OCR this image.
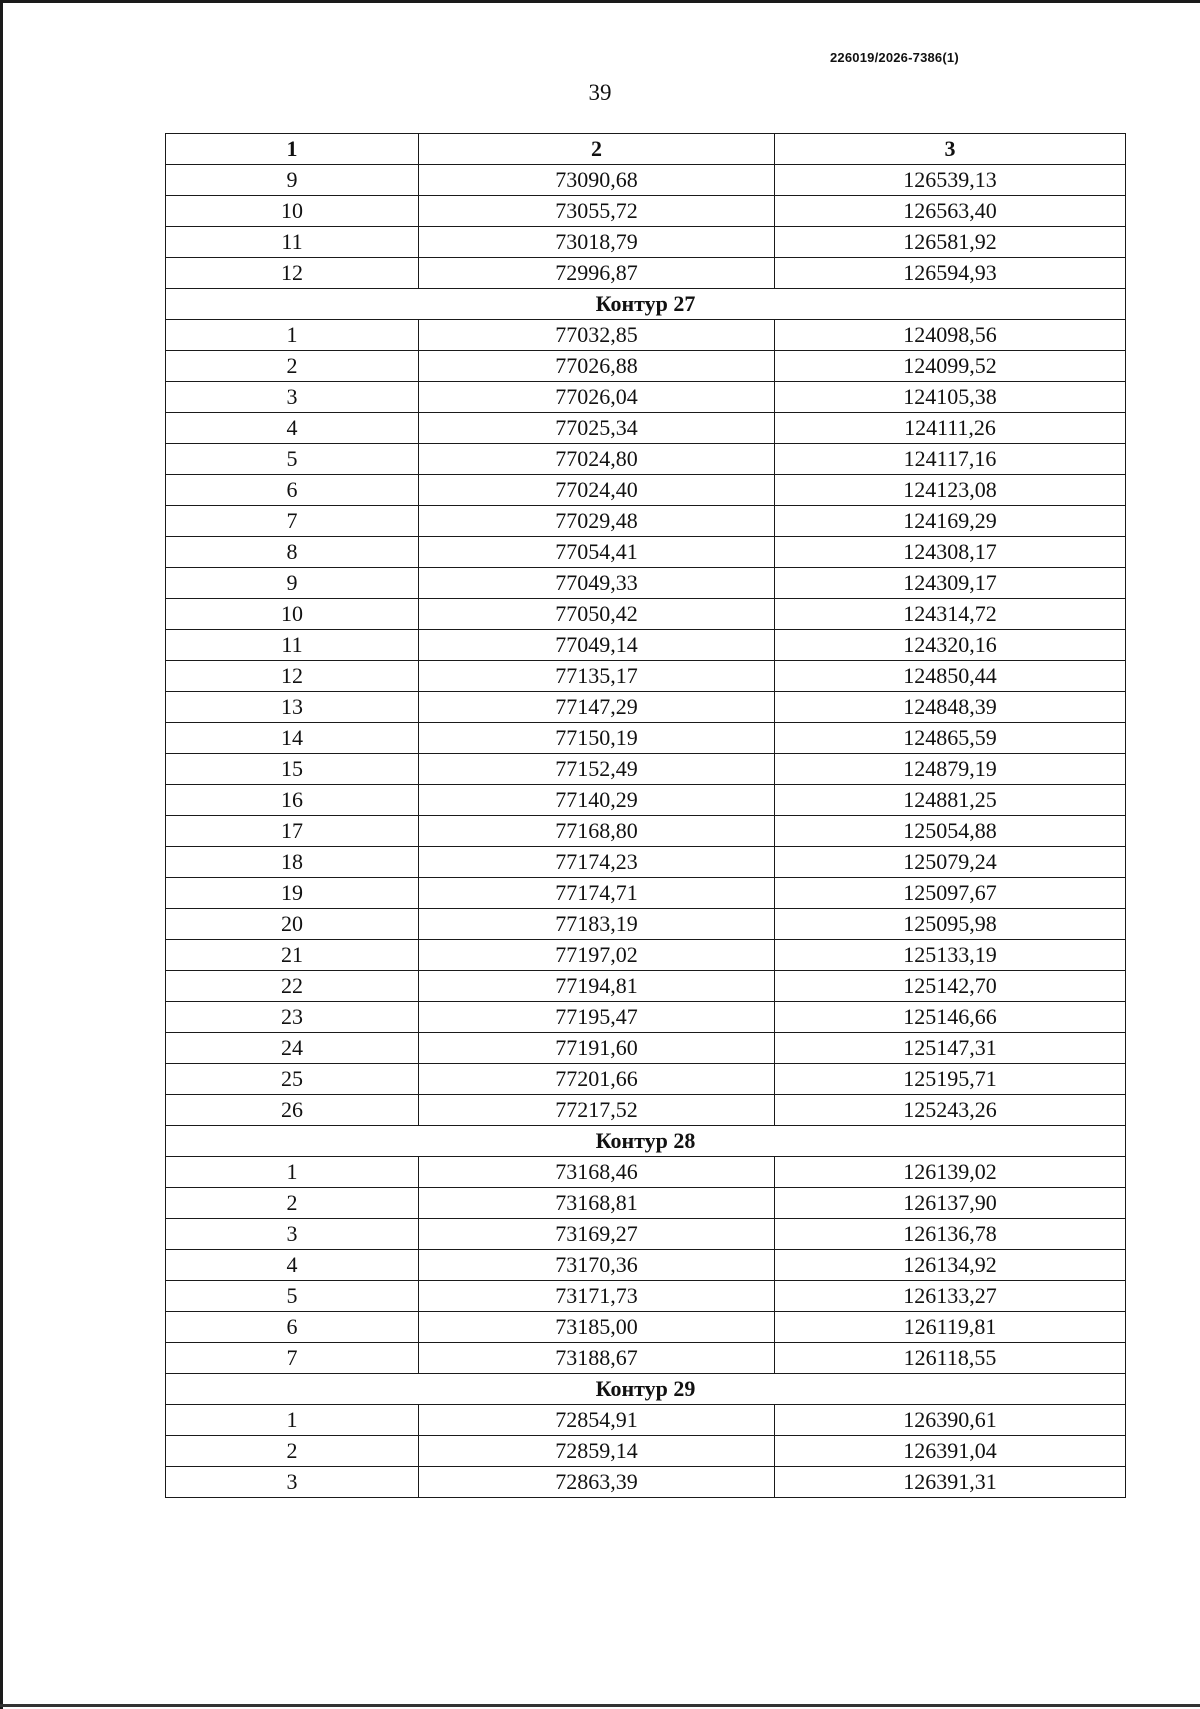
226019/2026-7386(1)
39
1	2	3
9	73090,68	126539,13
10	73055,72	126563,40
11	73018,79	126581,92
12	72996,87	126594,93
Контур 27		
1	77032,85	124098,56
2	77026,88	124099,52
3	77026,04	124105,38
4	77025,34	124111,26
5	77024,80	124117,16
6	77024,40	124123,08
7	77029,48	124169,29
8	77054,41	124308,17
9	77049,33	124309,17
10	77050,42	124314,72
11	77049,14	124320,16
12	77135,17	124850,44
13	77147,29	124848,39
14	77150,19	124865,59
15	77152,49	124879,19
16	77140,29	124881,25
17	77168,80	125054,88
18	77174,23	125079,24
19	77174,71	125097,67
20	77183,19	125095,98
21	77197,02	125133,19
22	77194,81	125142,70
23	77195,47	125146,66
24	77191,60	125147,31
25	77201,66	125195,71
26	77217,52	125243,26
Контур 28		
1	73168,46	126139,02
2	73168,81	126137,90
3	73169,27	126136,78
4	73170,36	126134,92
5	73171,73	126133,27
6	73185,00	126119,81
7	73188,67	126118,55
Контур 29		
1	72854,91	126390,61
2	72859,14	126391,04
3	72863,39	126391,31
